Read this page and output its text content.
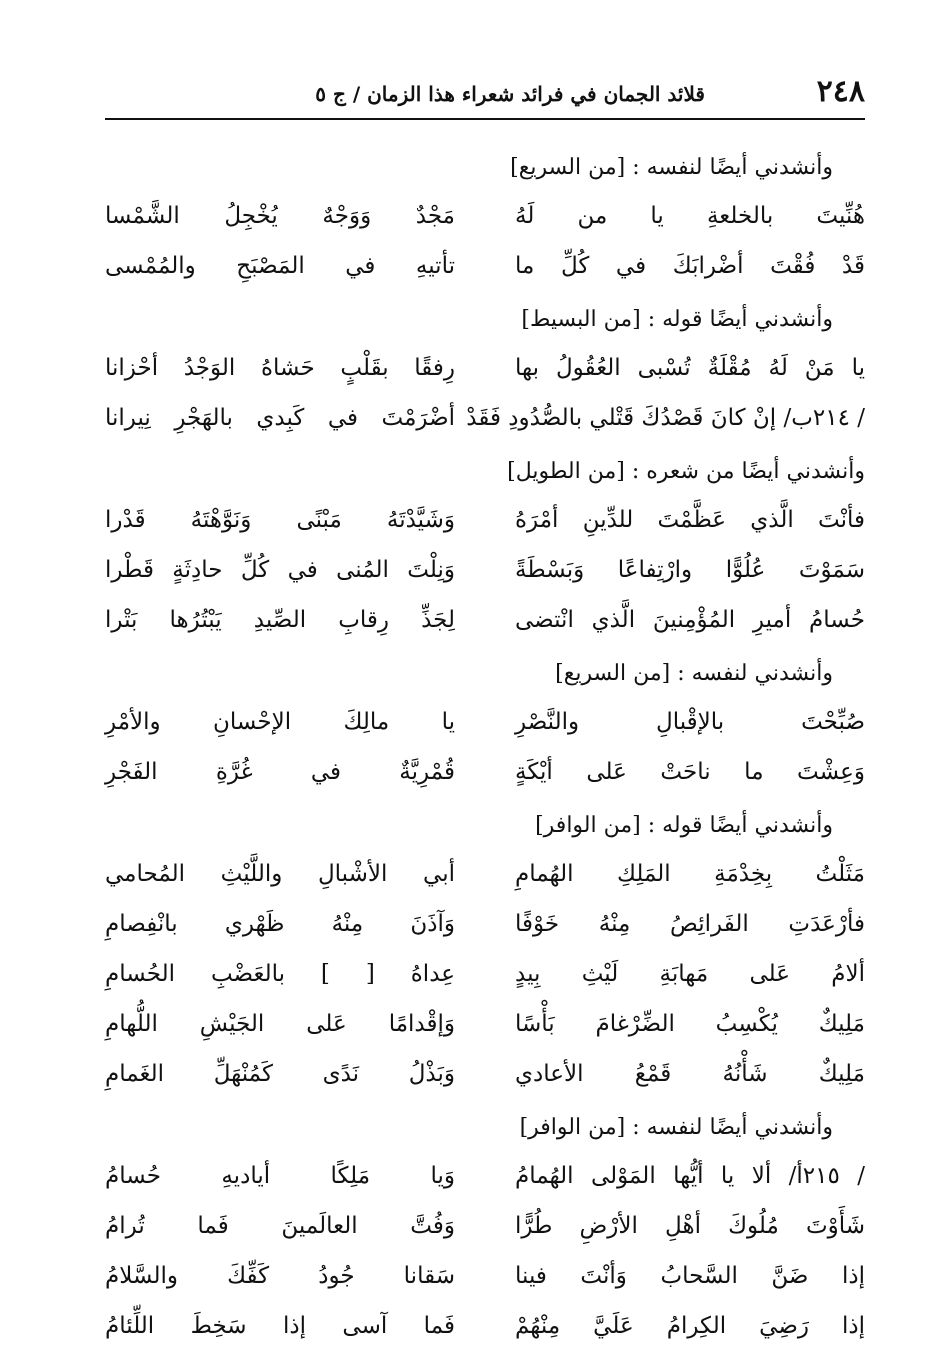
٢٤٨
قلائد الجمان في فرائد شعراء هذا الزمان / ج ٥
وأنشدني أيضًا لنفسه : [من السريع]
هُنِّيتَ بالخلعةِ يا من لَهُ
مَجْدٌ وَوَجْهٌ يُخْجِلُ الشَّمْسا
قَدْ فُقْتَ أضْرابَكَ في كُلِّ ما
تأتيهِ في المَصْبَحِ والمُمْسى
وأنشدني أيضًا قوله : [من البسيط]
يا مَنْ لَهُ مُقْلَةٌ تُسْبى العُقُولُ بها
رِفقًا بقَلْبٍ حَشاهُ الوَجْدُ أحْزانا
/ ٢١٤ب/ إنْ كانَ قَصْدُكَ قَتْلي بالصُّدُودِ فَقَدْ
أضْرَمْتَ في كَبِدي بالهَجْرِ نِيرانا
وأنشدني أيضًا من شعره : [من الطويل]
فأنْتَ الَّذي عَظَّمْتَ للدِّينِ أمْرَهُ
وَشَيَّدْتَهُ مَبْنًى وَنَوَّهْتَهُ قَدْرا
سَمَوْتَ عُلُوًّا وارْتِفاعًا وَبَسْطَةً
وَنِلْتَ المُنى في كُلِّ حادِثَةٍ قَطْرا
حُسامُ أميرِ المُؤْمِنينَ الَّذي انْتضى
لِجَذِّ رِقابِ الصِّيدِ يَبْتُرُها بَتْرا
وأنشدني لنفسه : [من السريع]
صُبِّحْتَ بالإقْبالِ والنَّصْرِ
يا مالِكَ الإحْسانِ والأمْرِ
وَعِشْتَ ما ناحَتْ عَلى أيْكَةٍ
قُمْرِيَّةٌ في غُرَّةِ الفَجْرِ
وأنشدني أيضًا قوله : [من الوافر]
مَثَلْتُ بِخِدْمَةِ المَلِكِ الهُمامِ
أبي الأشْبالِ واللَّيْثِ المُحامي
فأرْعَدَتِ الفَرائِصُ مِنْهُ خَوْفًا
وَآذَنَ مِنْهُ ظَهْري بانْفِصامِ
ألامُ عَلى مَهابَةِ لَيْثِ بِيدٍ
عِداهُ [ ] بالعَضْبِ الحُسامِ
مَلِيكٌ يُكْسِبُ الضِّرْغامَ بَأْسًا
وَإقْدامًا عَلى الجَيْشِ اللُّهامِ
مَلِيكٌ شَأْنُهُ قَمْعُ الأعادي
وَبَذْلُ نَدًى كَمُنْهَلِّ الغَمامِ
وأنشدني أيضًا لنفسه : [من الوافر]
/ ٢١٥أ/ ألا يا أيُّها المَوْلى الهُمامُ
وَيا مَلِكًا أياديهِ حُسامُ
شَأَوْتَ مُلُوكَ أهْلِ الأرْضِ طُرًّا
وَفُتَّ العالَمينَ فَما تُرامُ
إذا ضَنَّ السَّحابُ وَأنْتَ فينا
سَقانا جُودُ كَفِّكَ والسَّلامُ
إذا رَضِيَ الكِرامُ عَلَيَّ مِنْهُمْ
فَما آسى إذا سَخِطَ اللِّئامُ
